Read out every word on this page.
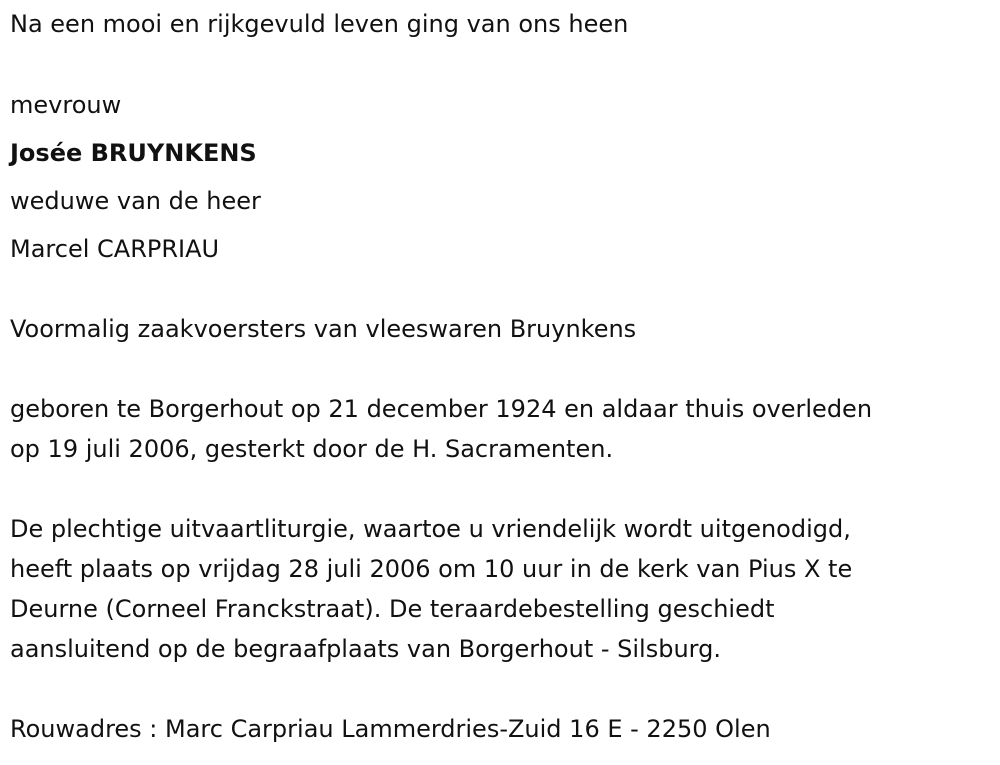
Na een mooi en rijkgevuld leven ging van ons heen

mevrouw

Josée BRUYNKENS

weduwe van de heer

Marcel CARPRIAU

Voormalig zaakvoersters van vleeswaren Bruynkens

geboren te Borgerhout op 21 december 1924 en aldaar thuis overleden

op 19 juli 2006, gesterkt door de H. Sacramenten.

De plechtige uitvaartliturgie, waartoe u vriendelijk wordt uitgenodigd,

heeft plaats op vrijdag 28 juli 2006 om 10 uur in de kerk van Pius X te

Deurne (Corneel Franckstraat). De teraardebestelling geschiedt

aansluitend op de begraafplaats van Borgerhout - Silsburg.

Rouwadres : Marc Carpriau Lammerdries-Zuid 16 E - 2250 Olen
